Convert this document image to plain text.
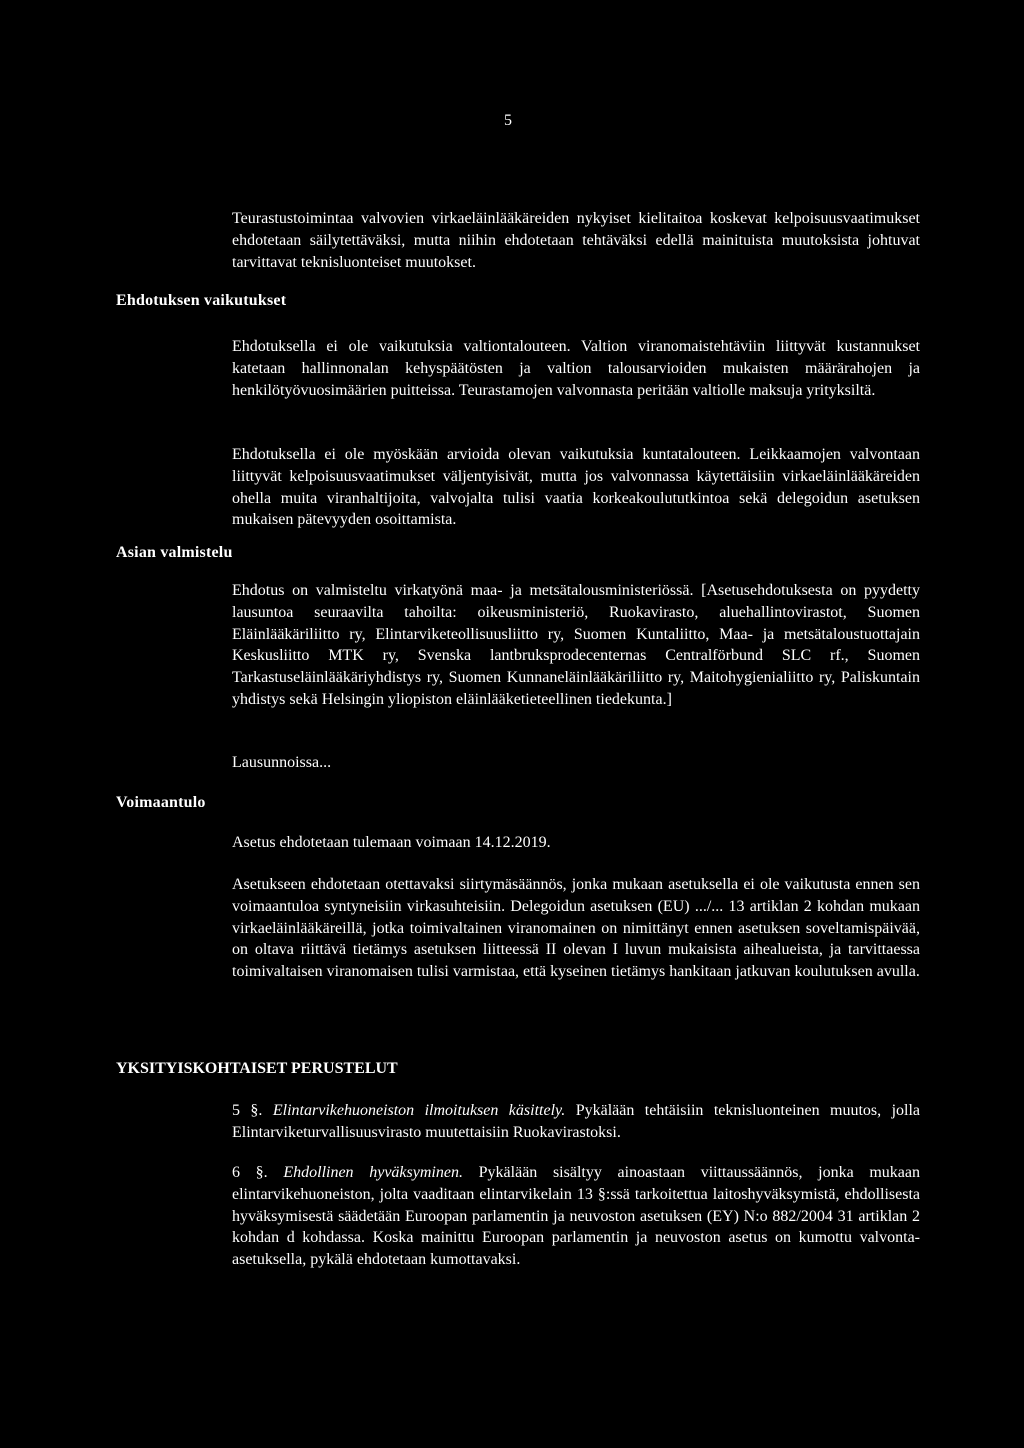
5

Teurastustoimintaa valvovien virkaeläinlääkäreiden nykyiset kielitaitoa koskevat kelpoisuusvaatimukset ehdotetaan säilytettäväksi, mutta niihin ehdotetaan tehtäväksi edellä mainituista muutoksista johtuvat tarvittavat teknisluonteiset muutokset.

Ehdotuksen vaikutukset

Ehdotuksella ei ole vaikutuksia valtiontalouteen. Valtion viranomaistehtäviin liittyvät kustannukset katetaan hallinnonalan kehyspäätösten ja valtion talousarvioiden mukaisten määrärahojen ja henkilötyövuosimäärien puitteissa. Teurastamojen valvonnasta peritään valtiolle maksuja yrityksiltä.

Ehdotuksella ei ole myöskään arvioida olevan vaikutuksia kuntatalouteen. Leikkaamojen valvontaan liittyvät kelpoisuusvaatimukset väljentyisivät, mutta jos valvonnassa käytettäisiin virkaeläinlääkäreiden ohella muita viranhaltijoita, valvojalta tulisi vaatia korkeakoulututkintoa sekä delegoidun asetuksen mukaisen pätevyyden osoittamista.

Asian valmistelu

Ehdotus on valmisteltu virkatyönä maa- ja metsätalousministeriössä. [Asetusehdotuksesta on pyydetty lausuntoa seuraavilta tahoilta: oikeusministeriö, Ruokavirasto, aluehallintovirastot, Suomen Eläinlääkäriliitto ry, Elintarviketeollisuusliitto ry, Suomen Kuntaliitto, Maa- ja metsätaloustuottajain Keskusliitto MTK ry, Svenska lantbruksprodecenternas Centralförbund SLC rf., Suomen Tarkastuseläinlääkäriyhdistys ry, Suomen Kunnaneläinlääkäriliitto ry, Maitohygienialiitto ry, Paliskuntain yhdistys sekä Helsingin yliopiston eläinlääketieteellinen tiedekunta.]

Lausunnoissa...

Voimaantulo

Asetus ehdotetaan tulemaan voimaan 14.12.2019.

Asetukseen ehdotetaan otettavaksi siirtymäsäännös, jonka mukaan asetuksella ei ole vaikutusta ennen sen voimaantuloa syntyneisiin virkasuhteisiin. Delegoidun asetuksen (EU) .../... 13 artiklan 2 kohdan mukaan virkaeläinlääkäreillä, jotka toimivaltainen viranomainen on nimittänyt ennen asetuksen soveltamispäivää, on oltava riittävä tietämys asetuksen liitteessä II olevan I luvun mukaisista aihealueista, ja tarvittaessa toimivaltaisen viranomaisen tulisi varmistaa, että kyseinen tietämys hankitaan jatkuvan koulutuksen avulla.

YKSITYISKOHTAISET PERUSTELUT

5 §. Elintarvikehuoneiston ilmoituksen käsittely. Pykälään tehtäisiin teknisluonteinen muutos, jolla Elintarviketurvallisuusvirasto muutettaisiin Ruokavirastoksi.

6 §. Ehdollinen hyväksyminen. Pykälään sisältyy ainoastaan viittaussäännös, jonka mukaan elintarvikehuoneiston, jolta vaaditaan elintarvikelain 13 §:ssä tarkoitettua laitoshyväksymistä, ehdollisesta hyväksymisestä säädetään Euroopan parlamentin ja neuvoston asetuksen (EY) N:o 882/2004 31 artiklan 2 kohdan d kohdassa. Koska mainittu Euroopan parlamentin ja neuvoston asetus on kumottu valvonta-asetuksella, pykälä ehdotetaan kumottavaksi.
